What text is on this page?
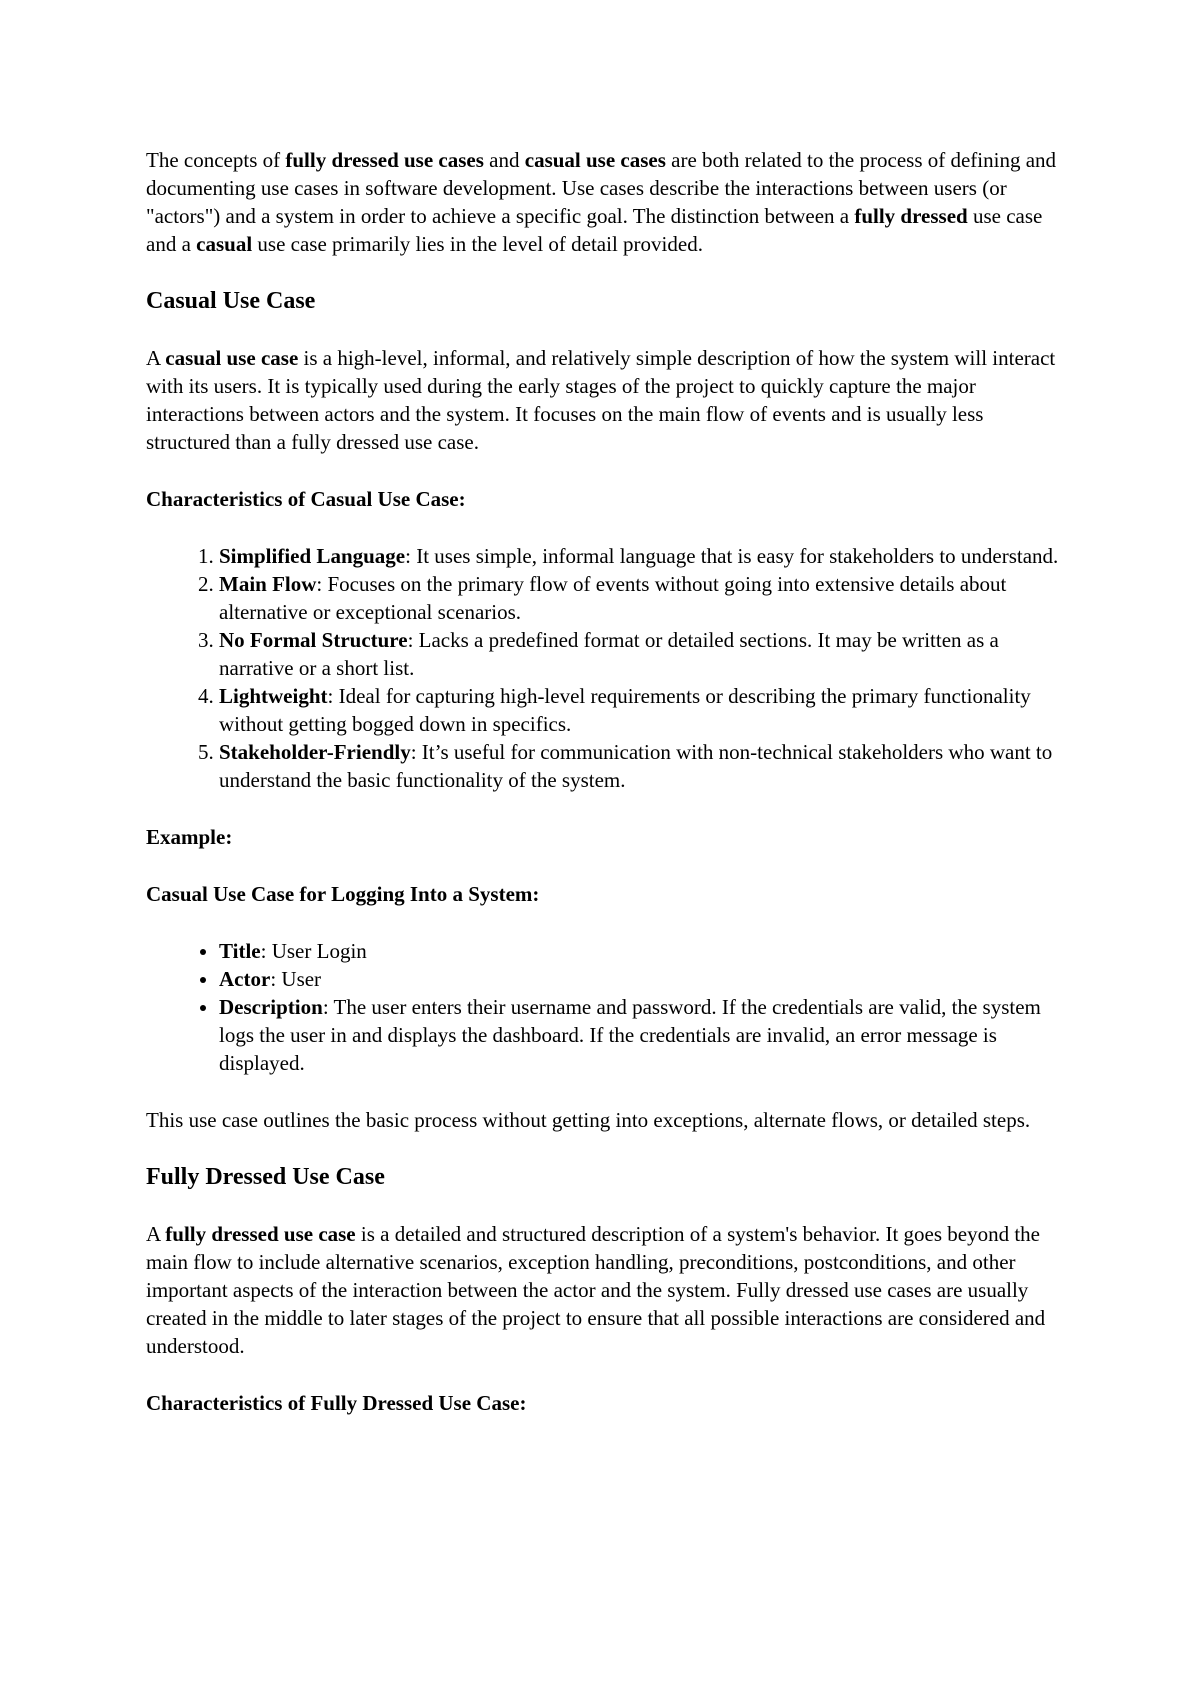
The concepts of fully dressed use cases and casual use cases are both related to the process of defining and documenting use cases in software development. Use cases describe the interactions between users (or "actors") and a system in order to achieve a specific goal. The distinction between a fully dressed use case and a casual use case primarily lies in the level of detail provided.

Casual Use Case

A casual use case is a high-level, informal, and relatively simple description of how the system will interact with its users. It is typically used during the early stages of the project to quickly capture the major interactions between actors and the system. It focuses on the main flow of events and is usually less structured than a fully dressed use case.

Characteristics of Casual Use Case:

1. Simplified Language: It uses simple, informal language that is easy for stakeholders to understand.
2. Main Flow: Focuses on the primary flow of events without going into extensive details about alternative or exceptional scenarios.
3. No Formal Structure: Lacks a predefined format or detailed sections. It may be written as a narrative or a short list.
4. Lightweight: Ideal for capturing high-level requirements or describing the primary functionality without getting bogged down in specifics.
5. Stakeholder-Friendly: It’s useful for communication with non-technical stakeholders who want to understand the basic functionality of the system.

Example:

Casual Use Case for Logging Into a System:

• Title: User Login
• Actor: User
• Description: The user enters their username and password. If the credentials are valid, the system logs the user in and displays the dashboard. If the credentials are invalid, an error message is displayed.

This use case outlines the basic process without getting into exceptions, alternate flows, or detailed steps.

Fully Dressed Use Case

A fully dressed use case is a detailed and structured description of a system's behavior. It goes beyond the main flow to include alternative scenarios, exception handling, preconditions, postconditions, and other important aspects of the interaction between the actor and the system. Fully dressed use cases are usually created in the middle to later stages of the project to ensure that all possible interactions are considered and understood.

Characteristics of Fully Dressed Use Case:
